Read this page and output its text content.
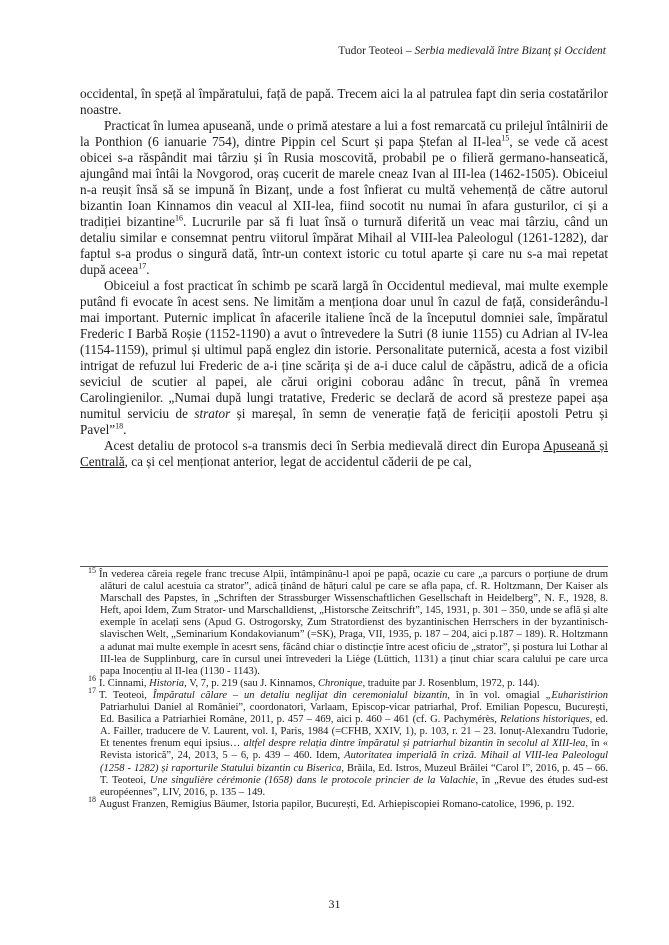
Tudor Teoteoi – Serbia medievală între Bizanț și Occident

occidental, în speță al împăratului, față de papă. Trecem aici la al patrulea fapt din seria costatărilor noastre.

Practicat în lumea apuseană, unde o primă atestare a lui a fost remarcată cu prilejul întâlnirii de la Ponthion (6 ianuarie 754), dintre Pippin cel Scurt și papa Ștefan al II-lea$^{15}$, se vede că acest obicei s-a răspândit mai târziu și în Rusia moscovită, probabil pe o filieră germano-hanseatică, ajungând mai întâi la Novgorod, oraș cucerit de marele cneaz Ivan al III-lea (1462-1505). Obiceiul n-a reușit însă să se impună în Bizanț, unde a fost înfierat cu multă vehemență de către autorul bizantin Ioan Kinnamos din veacul al XII-lea, fiind socotit nu numai în afara gusturilor, ci și a tradiției bizantine$^{16}$. Lucrurile par să fi luat însă o turnură diferită un veac mai târziu, când un detaliu similar e consemnat pentru viitorul împărat Mihail al VIII-lea Paleologul (1261-1282), dar faptul s-a produs o singură dată, într-un context istoric cu totul aparte și care nu s-a mai repetat după aceea$^{17}$.

Obiceiul a fost practicat în schimb pe scară largă în Occidentul medieval, mai multe exemple putând fi evocate în acest sens. Ne limităm a menționa doar unul în cazul de față, considerându-l mai important. Puternic implicat în afacerile italiene încă de la începutul domniei sale, împăratul Frederic I Barbă Roșie (1152-1190) a avut o întrevedere la Sutri (8 iunie 1155) cu Adrian al IV-lea (1154-1159), primul și ultimul papă englez din istorie. Personalitate puternică, acesta a fost vizibil intrigat de refuzul lui Frederic de a-i ține scărița și de a-i duce calul de căpăstru, adică de a oficia seviciul de scutier al papei, ale cărui origini coborau adânc în trecut, până în vremea Carolingienilor. „Numai după lungi tratative, Frederic se declară de acord să presteze papei așa numitul serviciu de strator și mareșal, în semn de venerație față de fericiții apostoli Petru și Pavel”$^{18}$.

Acest detaliu de protocol s-a transmis deci în Serbia medievală direct din Europa Apuseană și Centrală, ca și cel menționat anterior, legat de accidentul căderii de pe cal,

$^{15}$ În vederea căreia regele franc trecuse Alpii, întâmpinânu-l apoi pe papă, ocazie cu care „a parcurs o porțiune de drum alături de calul acestuia ca strator”, adică ținând de hățuri calul pe care se afla papa, cf. R. Holtzmann, Der Kaiser als Marschall des Papstes, în „Schriften der Strassburger Wissenschaftlichen Gesellschaft in Heidelberg”, N. F., 1928, 8. Heft, apoi Idem, Zum Strator- und Marschalldienst, „Historsche Zeitschrift”, 145, 1931, p. 301 – 350, unde se află și alte exemple în acelați sens (Apud G. Ostrogorsky, Zum Stratordienst des byzantinischen Herrschers in der byzantinisch-slavischen Welt, „Seminarium Kondakovianum” (=SK), Praga, VII, 1935, p. 187 – 204, aici p.187 – 189). R. Holtzmann a adunat mai multe exemple în acesrt sens, făcând chiar o distincție între acest oficiu de „strator”, și postura lui Lothar al III-lea de Supplinburg, care în cursul unei întrevederi la Liège (Lüttich, 1131) a ținut chiar scara calului pe care urca papa Inocențiu al II-lea (1130 - 1143).

$^{16}$ I. Cinnami, Historia, V, 7, p. 219 (sau J. Kinnamos, Chronique, traduite par J. Rosenblum, 1972, p. 144).

$^{17}$ T. Teoteoi, Împăratul călare – un detaliu neglijat din ceremonialul bizantin, în în vol. omagial „Euharistirion Patriarhului Daniel al României”, coordonatori, Varlaam, Episcop-vicar patriarhal, Prof. Emilian Popescu, București, Ed. Basilica a Patriarhiei Române, 2011, p. 457 – 469, aici p. 460 – 461 (cf. G. Pachymérès, Relations historiques, ed. A. Failler, traducere de V. Laurent, vol. I, Paris, 1984 (=CFHB, XXIV, 1), p. 103, r. 21 – 23. Ionuț-Alexandru Tudorie, Et tenentes frenum equi ipsius… altfel despre relația dintre împăratul și patriarhul bizantin în secolul al XIII-lea, în « Revista istorică”, 24, 2013, 5 – 6, p. 439 – 460. Idem, Autoritatea imperială în criză. Mihail al VIII-lea Paleologul (1258 - 1282) și raporturile Statului bizantin cu Biserica, Brăila, Ed. Istros, Muzeul Brăilei “Carol I”, 2016, p. 45 – 66. T. Teoteoi, Une singulière cérémonie (1658) dans le protocole princier de la Valachie, în „Revue des études sud-est européennes”, LIV, 2016, p. 135 – 149.

$^{18}$ August Franzen, Remigius Bäumer, Istoria papilor, București, Ed. Arhiepiscopiei Romano-catolice, 1996, p. 192.

31
